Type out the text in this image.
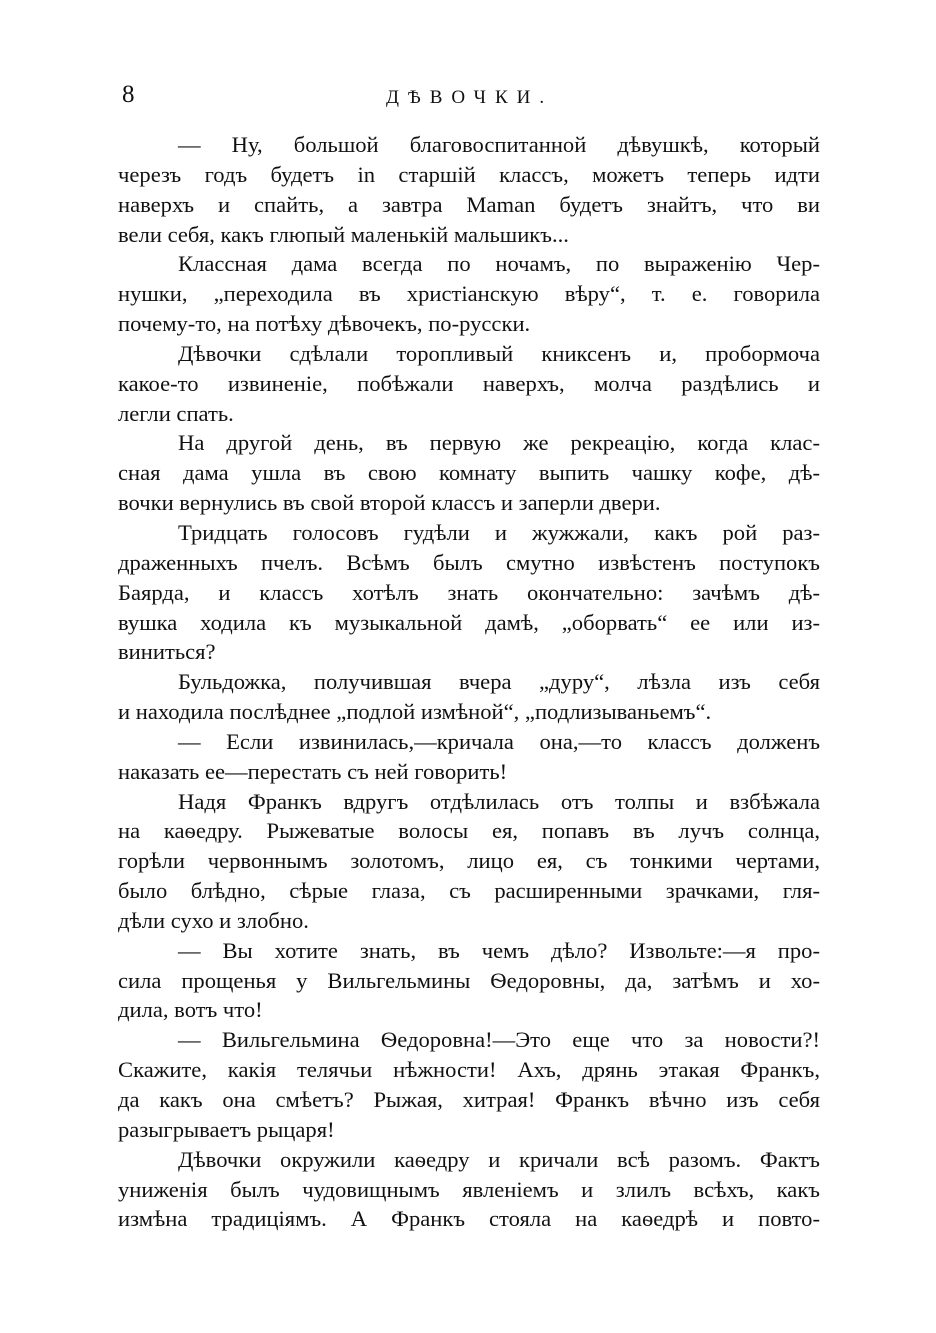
8	ДѢВОЧКИ.
— Ну, большой благовоспитанной дѣвушкѣ, который
черезъ годъ будетъ in старшій классъ, можетъ теперь идти
наверхъ и спайть, а завтра Maman будетъ знайтъ, что ви
вели себя, какъ глюпый маленькій мальшикъ...
Классная дама всегда по ночамъ, по выраженію Чер-
нушки, „переходила въ христіанскую вѣру“, т. е. говорила
почему-то, на потѣху дѣвочекъ, по-русски.
Дѣвочки сдѣлали торопливый книксенъ и, пробормоча
какое-то извиненіе, побѣжали наверхъ, молча раздѣлись и
легли спать.
На другой день, въ первую же рекреацію, когда клас-
сная дама ушла въ свою комнату выпить чашку кофе, дѣ-
вочки вернулись въ свой второй классъ и заперли двери.
Тридцать голосовъ гудѣли и жужжали, какъ рой раз-
драженныхъ пчелъ. Всѣмъ былъ смутно извѣстенъ поступокъ
Баярда, и классъ хотѣлъ знать окончательно: зачѣмъ дѣ-
вушка ходила къ музыкальной дамѣ, „оборвать“ ее или из-
виниться?
Бульдожка, получившая вчера „дуру“, лѣзла изъ себя
и находила послѣднее „подлой измѣной“, „подлизываньемъ“.
— Если извинилась,—кричала она,—то классъ долженъ
наказать ее—перестать съ ней говорить!
Надя Франкъ вдругъ отдѣлилась отъ толпы и взбѣжала
на каѳедру. Рыжеватые волосы ея, попавъ въ лучъ солнца,
горѣли червоннымъ золотомъ, лицо ея, съ тонкими чертами,
было блѣдно, сѣрые глаза, съ расширенными зрачками, гля-
дѣли сухо и злобно.
— Вы хотите знать, въ чемъ дѣло? Извольте:—я про-
сила прощенья у Вильгельмины Ѳедоровны, да, затѣмъ и хо-
дила, вотъ что!
— Вильгельмина Ѳедоровна!—Это еще что за новости?!
Скажите, какія телячьи нѣжности! Ахъ, дрянь этакая Франкъ,
да какъ она смѣетъ? Рыжая, хитрая! Франкъ вѣчно изъ себя
разыгрываетъ рыцаря!
Дѣвочки окружили каѳедру и кричали всѣ разомъ. Фактъ
униженія былъ чудовищнымъ явленіемъ и злилъ всѣхъ, какъ
измѣна традиціямъ. А Франкъ стояла на каѳедрѣ и повто-
